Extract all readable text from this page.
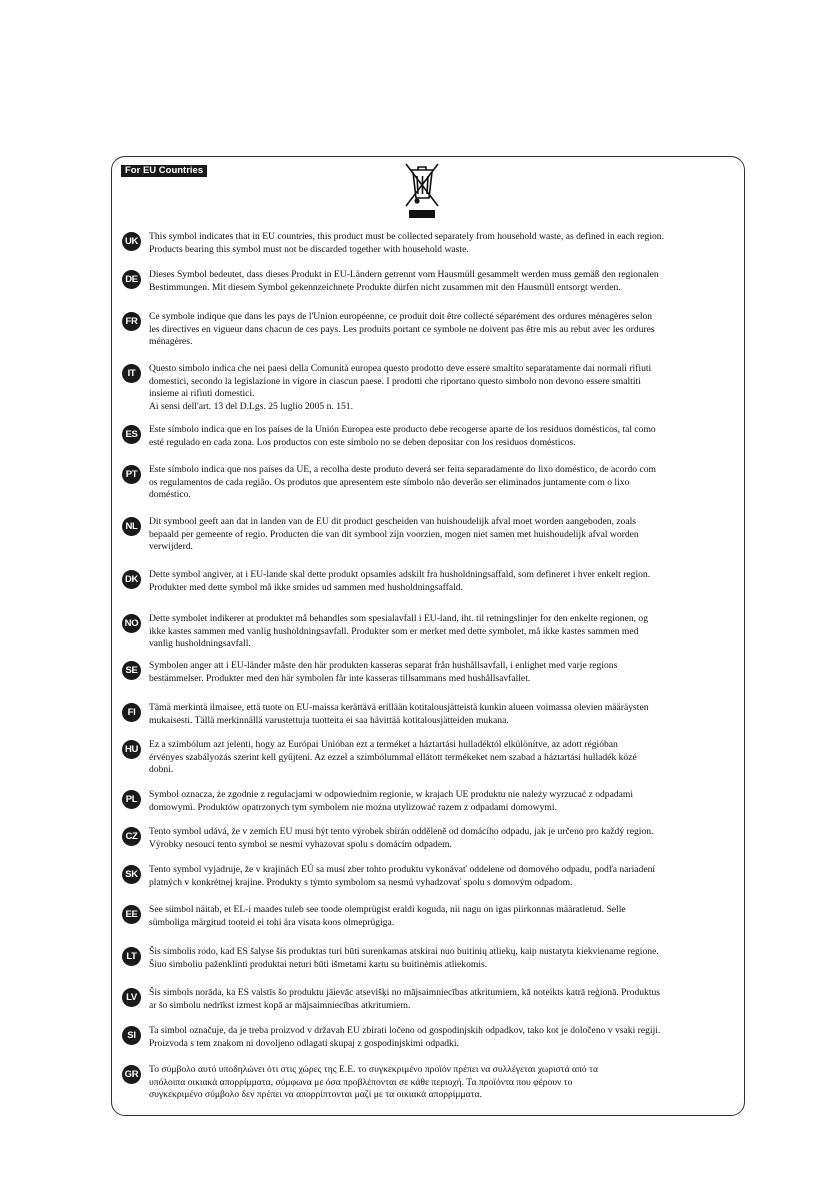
For EU Countries
UK	This symbol indicates that in EU countries, this product must be collected separately from household waste, as defined in each region.
Products bearing this symbol must not be discarded together with household waste.

DE	Dieses Symbol bedeutet, dass dieses Produkt in EU-Ländern getrennt vom Hausmüll gesammelt werden muss gemäß den regionalen
Bestimmungen. Mit diesem Symbol gekennzeichnete Produkte dürfen nicht zusammen mit den Hausmüll entsorgt werden.

FR	Ce symbole indique que dans les pays de l'Union européenne, ce produit doit être collecté séparément des ordures ménagères selon
les directives en vigueur dans chacun de ces pays. Les produits portant ce symbole ne doivent pas être mis au rebut avec les ordures
ménagères.

IT	Questo simbolo indica che nei paesi della Comunità europea questo prodotto deve essere smaltito separatamente dai normali rifiuti
domestici, secondo la legislazione in vigore in ciascun paese. I prodotti che riportano questo simbolo non devono essere smaltiti
insieme ai rifiuti domestici.
Ai sensi dell'art. 13 del D.Lgs. 25 luglio 2005 n. 151.

ES	Este símbolo indica que en los países de la Unión Europea este producto debe recogerse aparte de los residuos domésticos, tal como
esté regulado en cada zona. Los productos con este símbolo no se deben depositar con los residuos domésticos.

PT	Este símbolo indica que nos países da UE, a recolha deste produto deverá ser feita separadamente do lixo doméstico, de acordo com
os regulamentos de cada região. Os produtos que apresentem este símbolo não deverão ser eliminados juntamente com o lixo
doméstico.

NL	Dit symbool geeft aan dat in landen van de EU dit product gescheiden van huishoudelijk afval moet worden aangeboden, zoals
bepaald per gemeente of regio. Producten die van dit symbool zijn voorzien, mogen niet samen met huishoudelijk afval worden
verwijderd.

DK	Dette symbol angiver, at i EU-lande skal dette produkt opsamles adskilt fra husholdningsaffald, som defineret i hver enkelt region.
Produkter med dette symbol må ikke smides ud sammen med husholdningsaffald.

NO Dette symbolet indikerer at produktet må behandles som spesialavfall i EU-land, iht. til retningslinjer for den enkelte regionen, og
ikke kastes sammen med vanlig husholdningsavfall. Produkter som er merket med dette symbolet, må ikke kastes sammen med
vanlig husholdningsavfall.

SE	Symbolen anger att i EU-länder måste den här produkten kasseras separat från hushållsavfall, i enlighet med varje regions
bestämmelser. Produkter med den här symbolen får inte kasseras tillsammans med hushållsavfallet.

FI	Tämä merkintä ilmaisee, että tuote on EU-maissa kerättävä erillään kotitalousjätteistä kunkin alueen voimassa olevien määräysten
mukaisesti. Tällä merkinnällä varustettuja tuotteita ei saa hävittää kotitalousjätteiden mukana.

HU	Ez a szimbólum azt jelenti, hogy az Európai Unióban ezt a terméket a háztartási hulladéktól elkülönítve, az adott régióban
érvényes szabályozás szerint kell gyűjteni. Az ezzel a szimbólummal ellátott termékeket nem szabad a háztartási hulladék közé
dobni.

PL	Symbol oznacza, że zgodnie z regulacjami w odpowiednim regionie, w krajach UE produktu nie należy wyrzucać z odpadami
domowymi. Produktów opatrzonych tym symbolem nie można utylizować razem z odpadami domowymi.

CZ	Tento symbol udává, že v zemích EU musí být tento výrobek sbírán odděleně od domácího odpadu, jak je určeno pro každý region.
Výrobky nesoucí tento symbol se nesmí vyhazovat spolu s domácím odpadem.

SK	Tento symbol vyjadruje, že v krajinách EÚ sa musí zber tohto produktu vykonávať oddelene od domového odpadu, podľa nariadení
platných v konkrétnej krajine. Produkty s týmto symbolom sa nesmú vyhadzovať spolu s domovým odpadom.

EE	See sümbol näitab, et EL-i maades tuleb see toode olemprügist eraldi koguda, nii nagu on igas piirkonnas määratletud. Selle
sümboliga märgitud tooteid ei tohi ära visata koos olmeprügiga.

LT	Šis simbolis rodo, kad ES šalyse šis produktas turi būti surenkamas atskirai nuo buitinių atliekų, kaip nustatyta kiekviename regione.
Šiuo simboliu paženklinti produktai neturi būti išmetami kartu su buitinėmis atliekomis.

LV	Šis simbols norāda, ka ES valstīs šo produktu jāievāc atsevišķi no mājsaimniecības atkritumiem, kā noteikts katrā reģionā. Produktus
ar šo simbolu nedrīkst izmest kopā ar mājsaimniecības atkritumiem.

SI	Ta simbol označuje, da je treba proizvod v državah EU zbirati ločeno od gospodinjskih odpadkov, tako kot je določeno v vsaki regiji.
Proizvoda s tem znakom ni dovoljeno odlagati skupaj z gospodinjskimi odpadki.

GR Το σύμβολο αυτό υποδηλώνει ότι στις χώρες της Ε.Ε. το συγκεκριμένο προϊόν πρέπει να συλλέγεται χωριστά από τα
υπόλοιπα οικιακά απορρίμματα, σύμφωνα με όσα προβλέπονται σε κάθε περιοχή. Τα προϊόντα που φέρουν το
συγκεκριμένο σύμβολο δεν πρέπει να απορρίπτονται μαζί με τα οικιακά απορρίμματα.
